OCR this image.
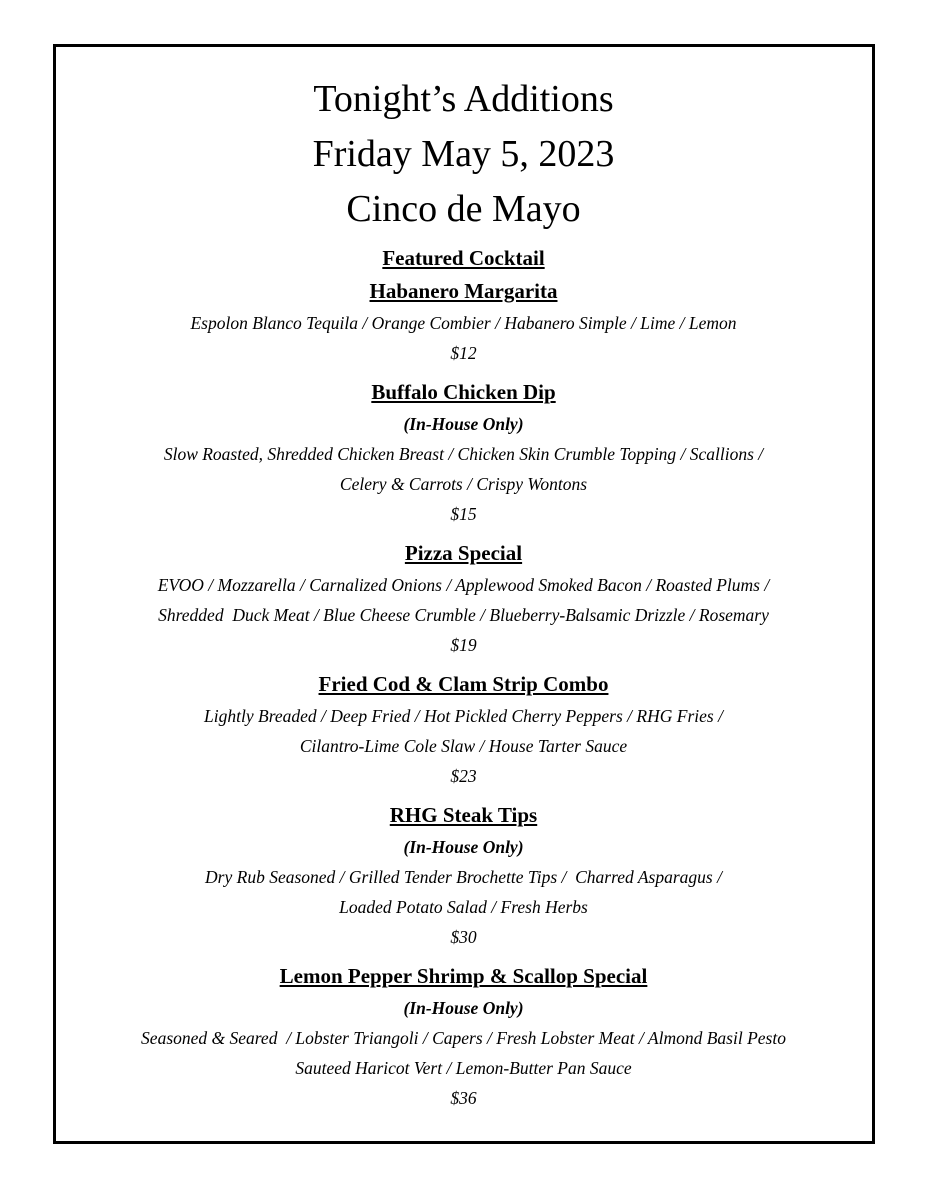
Tonight’s Additions
Friday May 5, 2023
Cinco de Mayo
Featured Cocktail
Habanero Margarita
Espolon Blanco Tequila / Orange Combier / Habanero Simple / Lime / Lemon
$12
Buffalo Chicken Dip
(In-House Only)
Slow Roasted, Shredded Chicken Breast / Chicken Skin Crumble Topping / Scallions /
Celery & Carrots / Crispy Wontons
$15
Pizza Special
EVOO / Mozzarella / Carnalized Onions / Applewood Smoked Bacon / Roasted Plums /
Shredded  Duck Meat / Blue Cheese Crumble / Blueberry-Balsamic Drizzle / Rosemary
$19
Fried Cod & Clam Strip Combo
Lightly Breaded / Deep Fried / Hot Pickled Cherry Peppers / RHG Fries /
Cilantro-Lime Cole Slaw / House Tarter Sauce
$23
RHG Steak Tips
(In-House Only)
Dry Rub Seasoned / Grilled Tender Brochette Tips /  Charred Asparagus /
Loaded Potato Salad / Fresh Herbs
$30
Lemon Pepper Shrimp & Scallop Special
(In-House Only)
Seasoned & Seared  / Lobster Triangoli / Capers / Fresh Lobster Meat / Almond Basil Pesto
Sauteed Haricot Vert / Lemon-Butter Pan Sauce
$36
